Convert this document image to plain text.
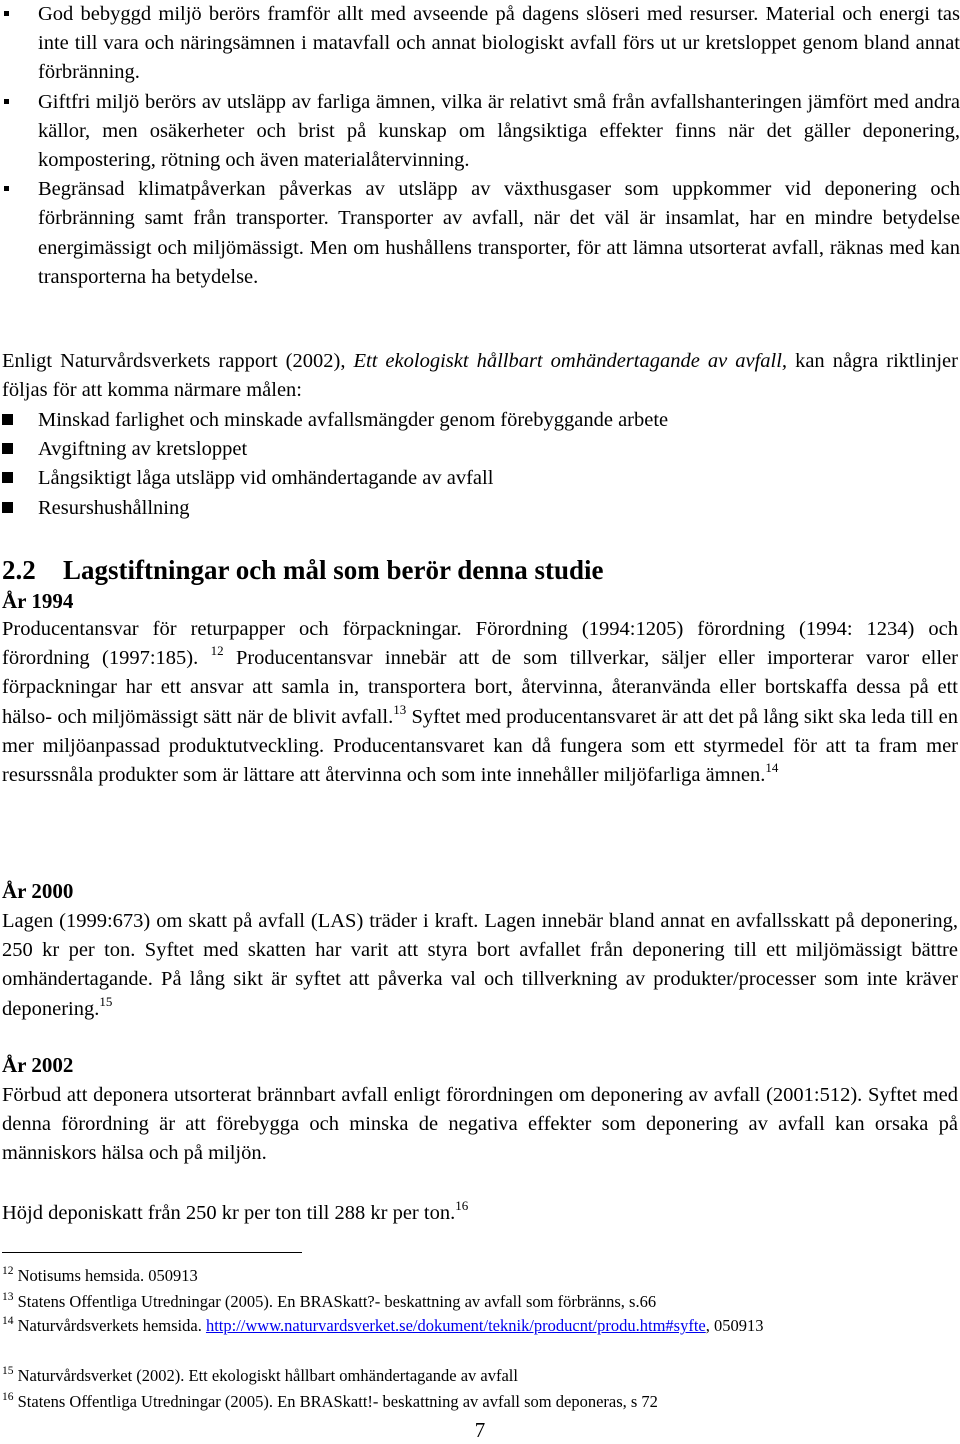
God bebyggd miljö berörs framför allt med avseende på dagens slöseri med resurser. Material och energi tas inte till vara och näringsämnen i matavfall och annat biologiskt avfall förs ut ur kretsloppet genom bland annat förbränning.
Giftfri miljö berörs av utsläpp av farliga ämnen, vilka är relativt små från avfallshanteringen jämfört med andra källor, men osäkerheter och brist på kunskap om långsiktiga effekter finns när det gäller deponering, kompostering, rötning och även materialåtervinning.
Begränsad klimatpåverkan påverkas av utsläpp av växthusgaser som uppkommer vid deponering och förbränning samt från transporter. Transporter av avfall, när det väl är insamlat, har en mindre betydelse energimässigt och miljömässigt. Men om hushållens transporter, för att lämna utsorterat avfall, räknas med kan transporterna ha betydelse.

Enligt Naturvårdsverkets rapport (2002), Ett ekologiskt hållbart omhändertagande av avfall, kan några riktlinjer följas för att komma närmare målen:

Minskad farlighet och minskade avfallsmängder genom förebyggande arbete
Avgiftning av kretsloppet
Långsiktigt låga utsläpp vid omhändertagande av avfall
Resurshushållning
2.2 Lagstiftningar och mål som berör denna studie
År 1994

Producentansvar för returpapper och förpackningar. Förordning (1994:1205) förordning (1994: 1234) och förordning (1997:185). $^{12}$ Producentansvar innebär att de som tillverkar, säljer eller importerar varor eller förpackningar har ett ansvar att samla in, transportera bort, återvinna, återanvända eller bortskaffa dessa på ett hälso- och miljömässigt sätt när de blivit avfall.$^{13}$ Syftet med producentansvaret är att det på lång sikt ska leda till en mer miljöanpassad produktutveckling. Producentansvaret kan då fungera som ett styrmedel för att ta fram mer resurssnåla produkter som är lättare att återvinna och som inte innehåller miljöfarliga ämnen.$^{14}$

År 2000

Lagen (1999:673) om skatt på avfall (LAS) träder i kraft. Lagen innebär bland annat en avfallsskatt på deponering, 250 kr per ton. Syftet med skatten har varit att styra bort avfallet från deponering till ett miljömässigt bättre omhändertagande. På lång sikt är syftet att påverka val och tillverkning av produkter/processer som inte kräver deponering.$^{15}$

År 2002

Förbud att deponera utsorterat brännbart avfall enligt förordningen om deponering av avfall (2001:512). Syftet med denna förordning är att förebygga och minska de negativa effekter som deponering av avfall kan orsaka på människors hälsa och på miljön.

Höjd deponiskatt från 250 kr per ton till 288 kr per ton.$^{16}$

$^{12}$ Notisums hemsida. 050913

$^{13}$ Statens Offentliga Utredningar (2005). En BRASkatt?- beskattning av avfall som förbränns, s.66

$^{14}$ Naturvårdsverkets hemsida. http://www.naturvardsverket.se/dokument/teknik/producnt/produ.htm#syfte, 050913

$^{15}$ Naturvårdsverket (2002). Ett ekologiskt hållbart omhändertagande av avfall

$^{16}$ Statens Offentliga Utredningar (2005). En BRASkatt!- beskattning av avfall som deponeras, s 72

7
